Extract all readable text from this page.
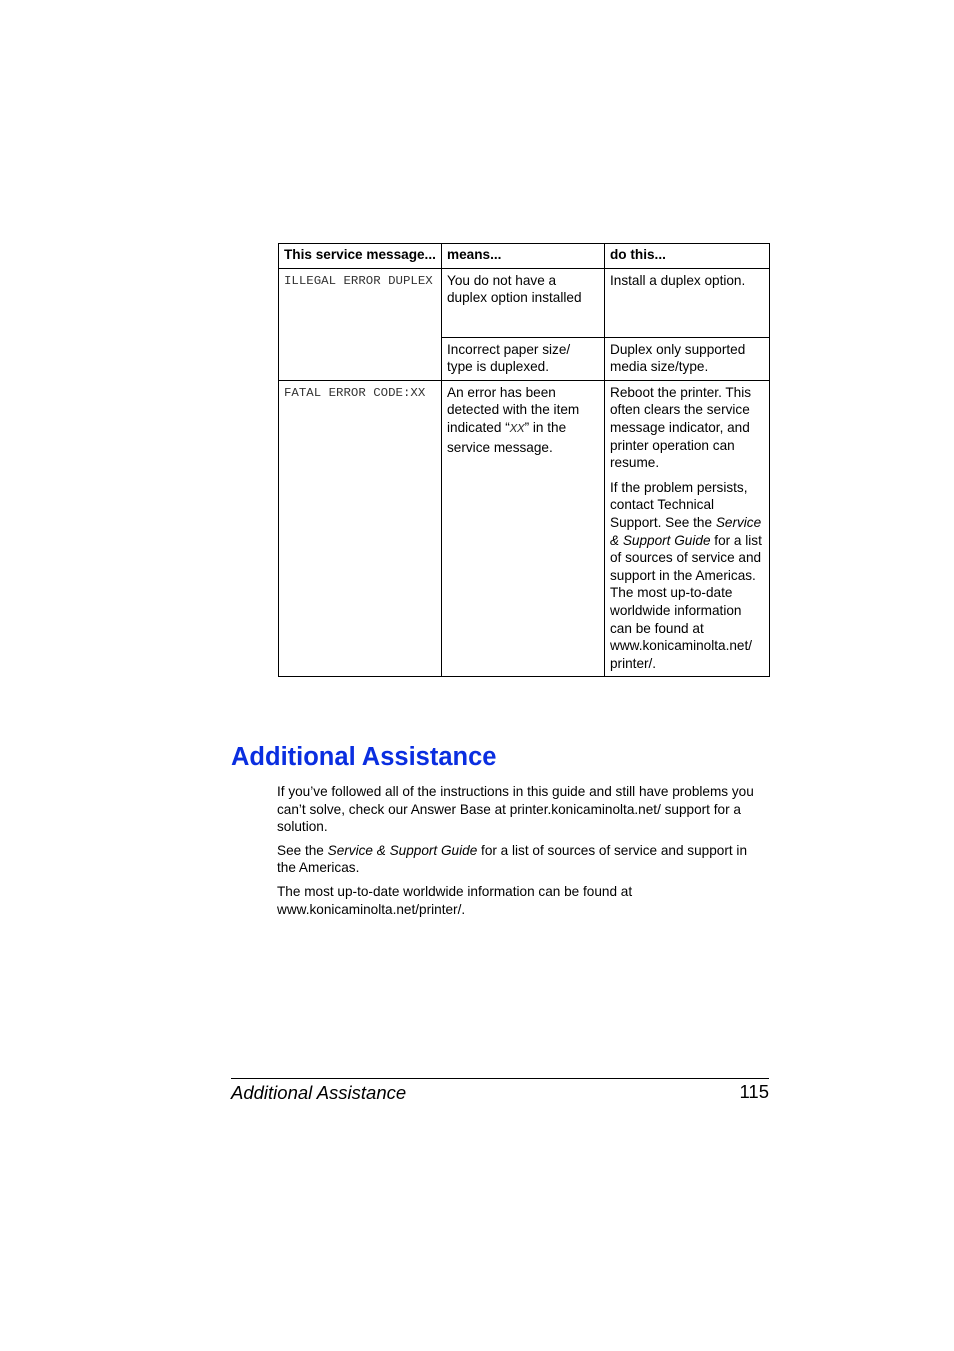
This service message...	means...	do this...
ILLEGAL ERROR DUPLEX	You do not have a duplex option installed	Install a duplex option.
	Incorrect paper size/ type is duplexed.	Duplex only supported media size/type.
FATAL ERROR CODE:XX	An error has been detected with the item indicated “XX” in the service message.	Reboot the printer. This often clears the service message indicator, and printer operation can resume.

If the problem persists, contact Technical Support. See the Service & Support Guide for a list of sources of service and support in the Americas. The most up-to-date worldwide information can be found at www.konicaminolta.net/ printer/.

Additional Assistance

If you’ve followed all of the instructions in this guide and still have problems you can’t solve, check our Answer Base at printer.konicaminolta.net/ support for a solution.

See the Service & Support Guide for a list of sources of service and support in the Americas.

The most up-to-date worldwide information can be found at www.konicaminolta.net/printer/.

Additional Assistance	115
